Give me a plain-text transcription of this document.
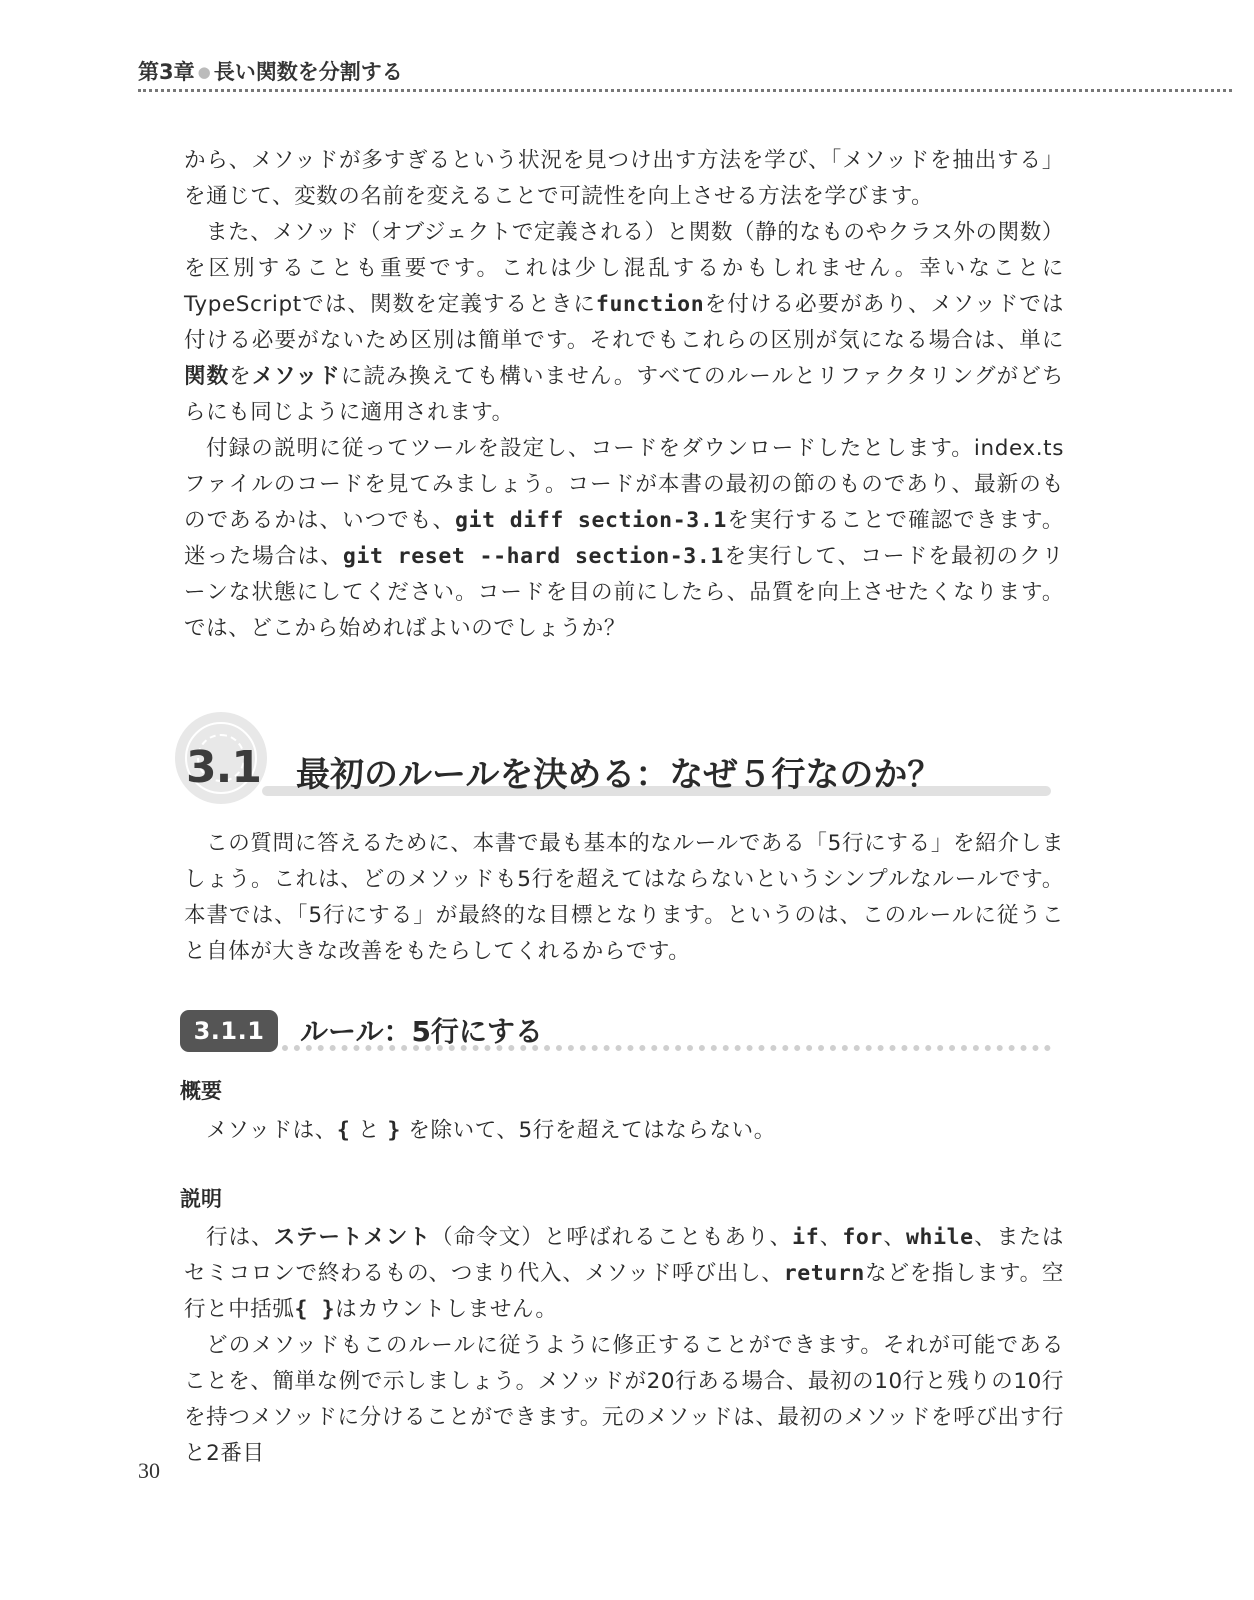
第3章 ● 長い関数を分割する

から、メソッドが多すぎるという状況を見つけ出す方法を学び、「メソッドを抽出する」を通じて、変数の名前を変えることで可読性を向上させる方法を学びます。

また、メソッド（オブジェクトで定義される）と関数（静的なものやクラス外の関数）を区別することも重要です。これは少し混乱するかもしれません。幸いなことにTypeScriptでは、関数を定義するときにfunctionを付ける必要があり、メソッドでは付ける必要がないため区別は簡単です。それでもこれらの区別が気になる場合は、単に関数をメソッドに読み換えても構いません。すべてのルールとリファクタリングがどちらにも同じように適用されます。

付録の説明に従ってツールを設定し、コードをダウンロードしたとします。index.tsファイルのコードを見てみましょう。コードが本書の最初の節のものであり、最新のものであるかは、いつでも、git diff section-3.1を実行することで確認できます。迷った場合は、git reset --hard section-3.1を実行して、コードを最初のクリーンな状態にしてください。コードを目の前にしたら、品質を向上させたくなります。では、どこから始めればよいのでしょうか？

3.1 最初のルールを決める：なぜ５行なのか？

この質問に答えるために、本書で最も基本的なルールである「5行にする」を紹介しましょう。これは、どのメソッドも5行を超えてはならないというシンプルなルールです。本書では、「5行にする」が最終的な目標となります。というのは、このルールに従うこと自体が大きな改善をもたらしてくれるからです。

3.1.1	ルール：5行にする
概要

メソッドは、{ と } を除いて、5行を超えてはならない。

説明

行は、ステートメント（命令文）と呼ばれることもあり、if、for、while、またはセミコロンで終わるもの、つまり代入、メソッド呼び出し、returnなどを指します。空行と中括弧{ }はカウントしません。

どのメソッドもこのルールに従うように修正することができます。それが可能であることを、簡単な例で示しましょう。メソッドが20行ある場合、最初の10行と残りの10行を持つメソッドに分けることができます。元のメソッドは、最初のメソッドを呼び出す行と2番目

30
